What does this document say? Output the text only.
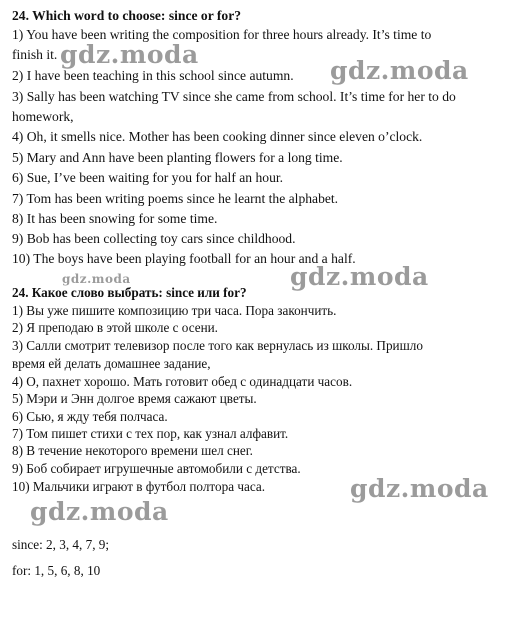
24. Which word to choose: since or for?
1) You have been writing the composition for three hours already. It’s time to
finish it.
2) I have been teaching in this school since autumn.
3) Sally has been watching TV since she came from school. It’s time for her to do
homework,
4) Oh, it smells nice. Mother has been cooking dinner since eleven o’clock.
5) Mary and Ann have been planting flowers for a long time.
6) Sue, I’ve been waiting for you for half an hour.
7) Tom has been writing poems since he learnt the alphabet.
8) It has been snowing for some time.
9) Bob has been collecting toy cars since childhood.
10) The boys have been playing football for an hour and a half.
24. Какое слово выбрать: since или for?
1) Вы уже пишите композицию три часа. Пора закончить.
2) Я преподаю в этой школе с осени.
3) Салли смотрит телевизор после того как вернулась из школы. Пришло
время ей делать домашнее задание,
4) О, пахнет хорошо. Мать готовит обед с одинадцати часов.
5) Мэри и Энн долгое время сажают цветы.
6) Сью, я жду тебя полчаса.
7) Том пишет стихи с тех пор, как узнал алфавит.
8) В течение некоторого времени шел снег.
9) Боб собирает игрушечные автомобили с детства.
10) Мальчики играют в футбол полтора часа.
since: 2, 3, 4, 7, 9;
for: 1, 5, 6, 8, 10
gdz.moda
gdz.moda
gdz.moda	gdz.moda
gdz.moda
gdz.moda
